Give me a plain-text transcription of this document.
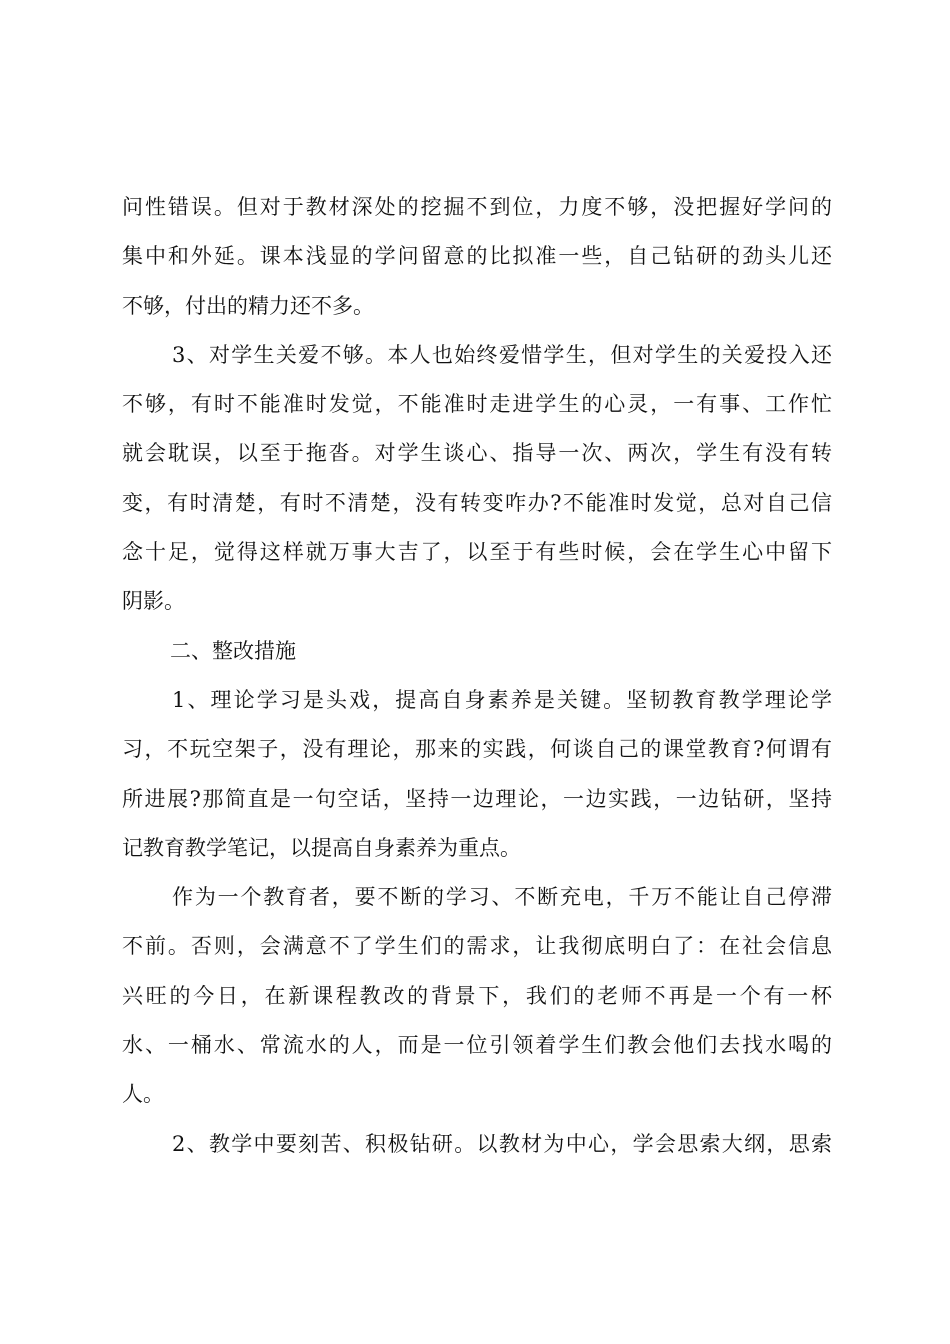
问性错误。但对于教材深处的挖掘不到位，力度不够，没把握好学问的
集中和外延。课本浅显的学问留意的比拟准一些，自己钻研的劲头儿还
不够，付出的精力还不多。
3、对学生关爱不够。本人也始终爱惜学生，但对学生的关爱投入还
不够，有时不能准时发觉，不能准时走进学生的心灵，一有事、工作忙
就会耽误，以至于拖沓。对学生谈心、指导一次、两次，学生有没有转
变，有时清楚，有时不清楚，没有转变咋办?不能准时发觉，总对自己信
念十足，觉得这样就万事大吉了，以至于有些时候，会在学生心中留下
阴影。
二、整改措施
1、理论学习是头戏，提高自身素养是关键。坚韧教育教学理论学
习，不玩空架子，没有理论，那来的实践，何谈自己的课堂教育?何谓有
所进展?那简直是一句空话，坚持一边理论，一边实践，一边钻研，坚持
记教育教学笔记，以提高自身素养为重点。
作为一个教育者，要不断的学习、不断充电，千万不能让自己停滞
不前。否则，会满意不了学生们的需求，让我彻底明白了：在社会信息
兴旺的今日，在新课程教改的背景下，我们的老师不再是一个有一杯
水、一桶水、常流水的人，而是一位引领着学生们教会他们去找水喝的
人。
2、教学中要刻苦、积极钻研。以教材为中心，学会思索大纲，思索
